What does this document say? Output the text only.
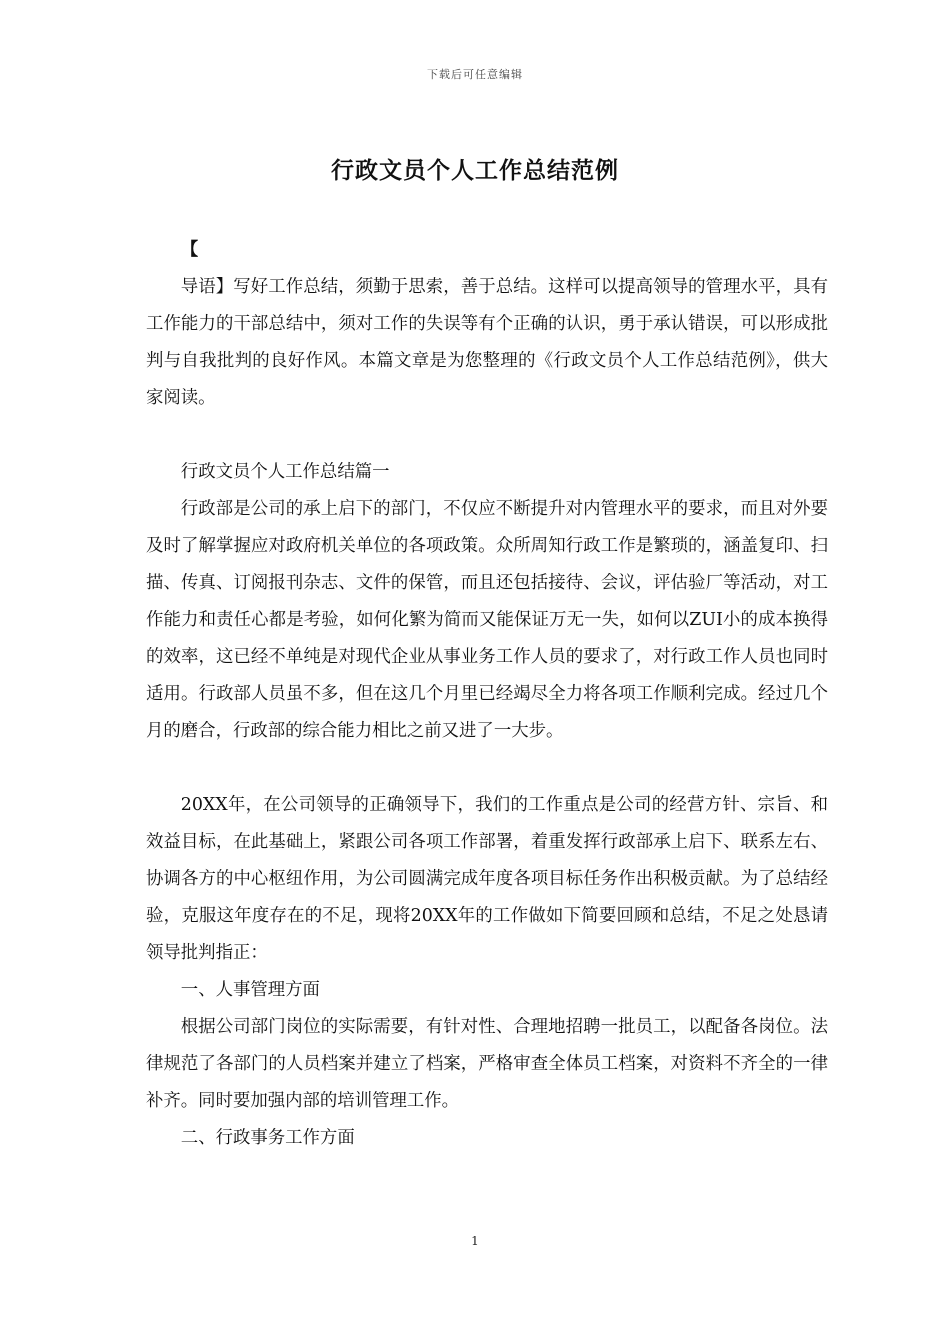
下载后可任意编辑
行政文员个人工作总结范例

【

导语】写好工作总结，须勤于思索，善于总结。这样可以提高领导的管理水平，具有工作能力的干部总结中，须对工作的失误等有个正确的认识，勇于承认错误，可以形成批判与自我批判的良好作风。本篇文章是为您整理的《行政文员个人工作总结范例》，供大家阅读。

行政文员个人工作总结篇一

行政部是公司的承上启下的部门，不仅应不断提升对内管理水平的要求，而且对外要及时了解掌握应对政府机关单位的各项政策。众所周知行政工作是繁琐的，涵盖复印、扫描、传真、订阅报刊杂志、文件的保管，而且还包括接待、会议，评估验厂等活动，对工作能力和责任心都是考验，如何化繁为简而又能保证万无一失，如何以ZUI小的成本换得的效率，这已经不单纯是对现代企业从事业务工作人员的要求了，对行政工作人员也同时适用。行政部人员虽不多，但在这几个月里已经竭尽全力将各项工作顺利完成。经过几个月的磨合，行政部的综合能力相比之前又进了一大步。

20XX年，在公司领导的正确领导下，我们的工作重点是公司的经营方针、宗旨、和效益目标，在此基础上，紧跟公司各项工作部署，着重发挥行政部承上启下、联系左右、协调各方的中心枢纽作用，为公司圆满完成年度各项目标任务作出积极贡献。为了总结经验，克服这年度存在的不足，现将20XX年的工作做如下简要回顾和总结，不足之处恳请领导批判指正：

一、人事管理方面

根据公司部门岗位的实际需要，有针对性、合理地招聘一批员工，以配备各岗位。法律规范了各部门的人员档案并建立了档案，严格审查全体员工档案，对资料不齐全的一律补齐。同时要加强内部的培训管理工作。

二、行政事务工作方面

1
